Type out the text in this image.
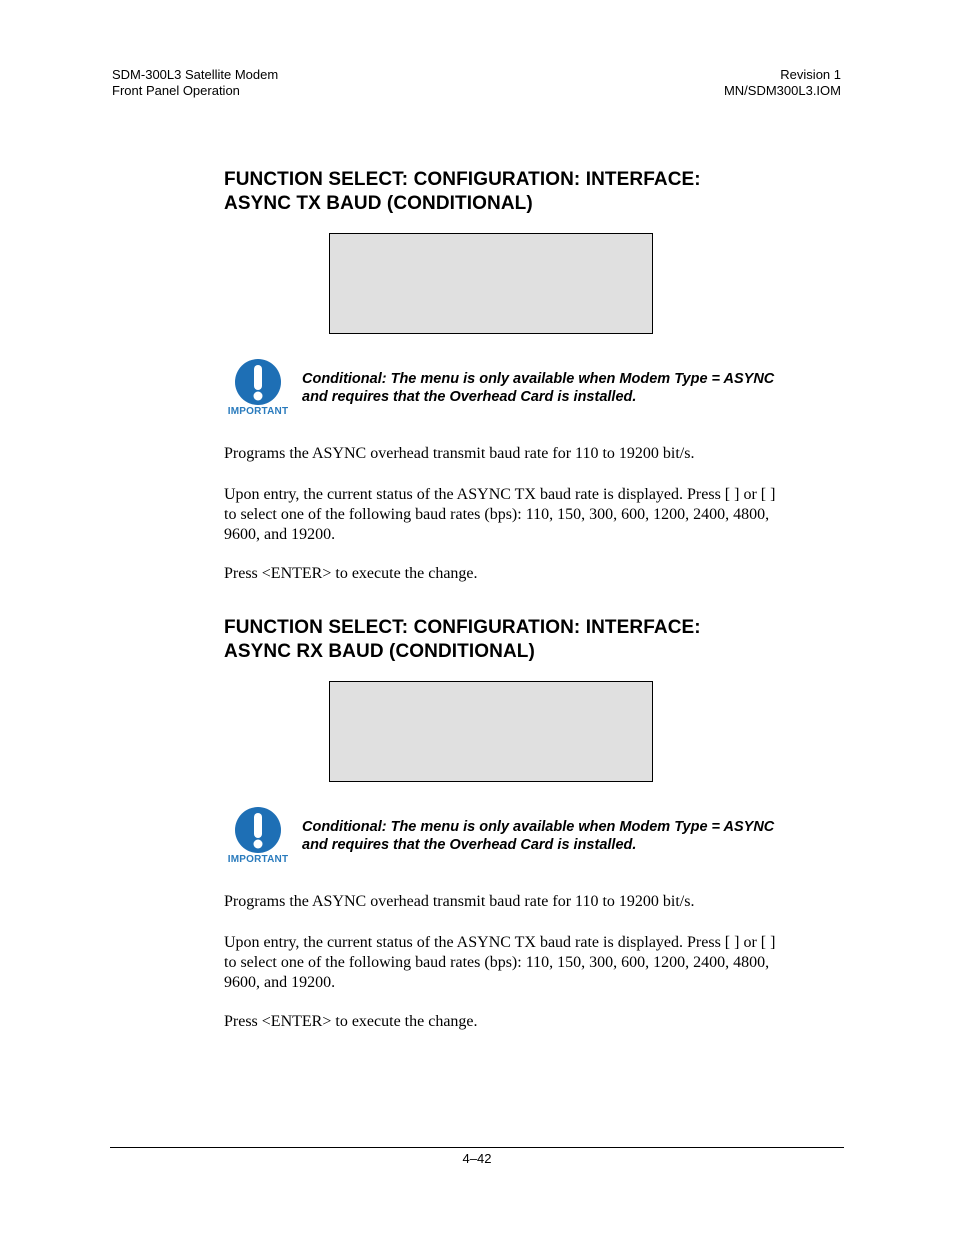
SDM-300L3 Satellite Modem
Front Panel Operation
Revision 1
MN/SDM300L3.IOM
FUNCTION SELECT: CONFIGURATION: INTERFACE:
ASYNC TX BAUD (CONDITIONAL)
IMPORTANT
Conditional: The menu is only available when Modem Type = ASYNC
and requires that the Overhead Card is installed.

Programs the ASYNC overhead transmit baud rate for 110 to 19200 bit/s.

Upon entry, the current status of the ASYNC TX baud rate is displayed. Press [ ] or [ ]
to select one of the following baud rates (bps): 110, 150, 300, 600, 1200, 2400, 4800,
9600, and 19200.

Press <ENTER> to execute the change.

FUNCTION SELECT: CONFIGURATION: INTERFACE:
ASYNC RX BAUD (CONDITIONAL)
IMPORTANT
Conditional: The menu is only available when Modem Type = ASYNC
and requires that the Overhead Card is installed.

Programs the ASYNC overhead transmit baud rate for 110 to 19200 bit/s.

Upon entry, the current status of the ASYNC TX baud rate is displayed. Press [ ] or [ ]
to select one of the following baud rates (bps): 110, 150, 300, 600, 1200, 2400, 4800,
9600, and 19200.

Press <ENTER> to execute the change.

4–42
